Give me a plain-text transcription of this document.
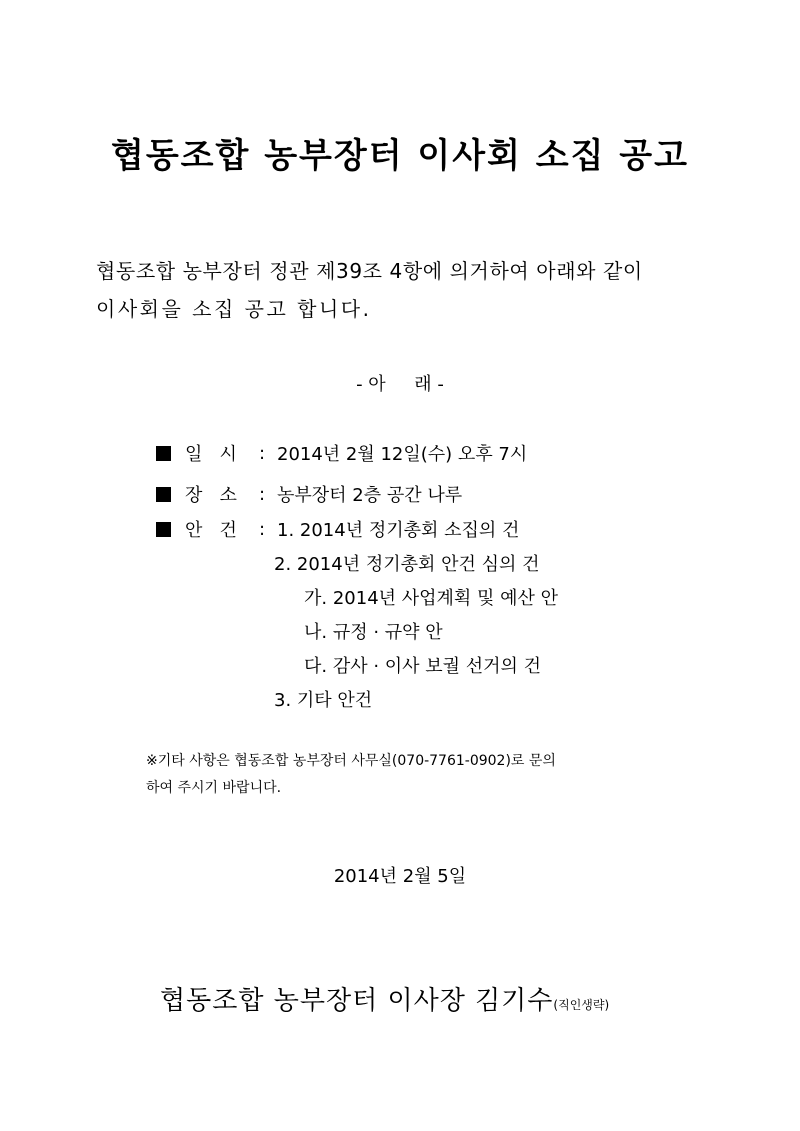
협동조합 농부장터 이사회 소집 공고
협동조합 농부장터 정관 제39조 4항에 의거하여 아래와 같이
이사회을 소집 공고 합니다.
- 아     래 -
일   시	: 2014년 2월 12일(수) 오후 7시
장   소	: 농부장터 2층 공간 나루
안   건	: 1. 2014년 정기총회 소집의 건
2. 2014년 정기총회 안건 심의 건
가. 2014년 사업계획 및 예산 안
나. 규정 · 규약 안
다. 감사 · 이사 보궐 선거의 건
3. 기타 안건
※기타 사항은 협동조합 농부장터 사무실(070-7761-0902)로 문의
하여 주시기 바랍니다.
2014년 2월 5일
협동조합 농부장터 이사장 김기수(직인생략)
